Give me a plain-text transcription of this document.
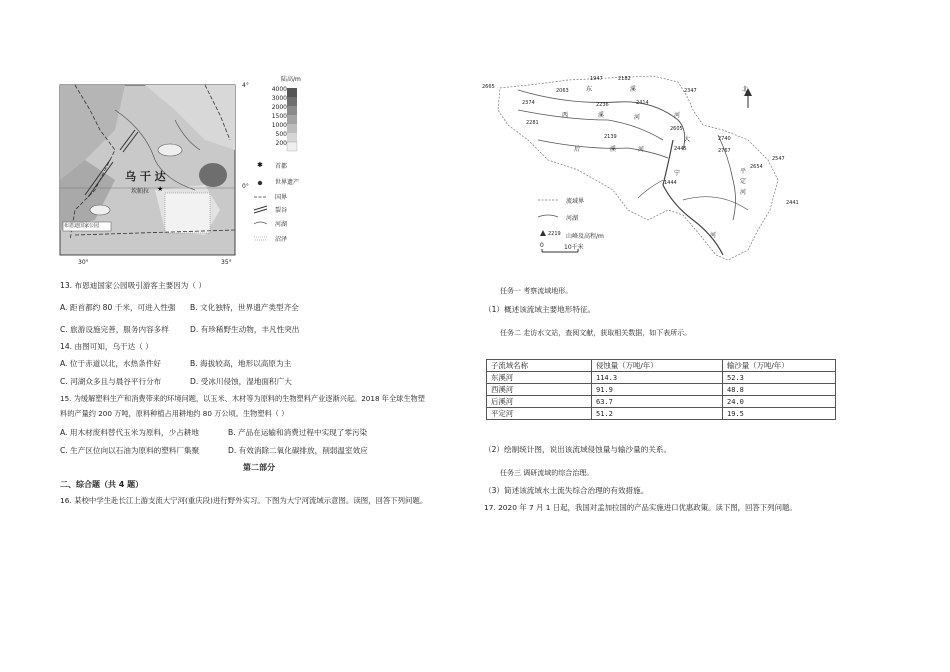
★
✱
陆高/m
4000
3000
2000
1500
1000
500
200
首都
世界遗产
国界
裂谷
河湖
沼泽
乌 干 达
坎帕拉
布恩迪国家公园
4°
0°
30°	35°
13. 布恩迪国家公园吸引游客主要因为（ ）
A. 距首都约 80 千米，可进入性强 B. 文化独特，世界遗产类型齐全
C. 旅游设施完善，服务内容多样	D. 有珍稀野生动物，丰凡性突出
14. 由图可知，乌干达（ ）
A. 位于赤道以北，水热条件好	B. 海拔较高，地形以高原为主
C. 河湖众多且与晨谷平行分布	D. 受冰川侵蚀，湿地面积广大
15. 为缓解塑料生产和消费带来的环境问题，以玉米、木材等为原料的生物塑料产业逐渐兴起。2018 年全球生物塑
料的产量约 200 万吨，原料种植占用耕地约 80 万公顷。生物塑料（ ）
A. 用木材废料替代玉米为原料，少占耕地	B. 产品在运输和消费过程中实现了零污染
C. 生产区位向以石油为原料的塑料厂集聚	D. 有效消除二氧化碳排放，削弱温室效应
第二部分
二、综合题（共 4 题）
16. 某校中学生赴长江上游支流大宁河(重庆段)进行野外实习。下图为大宁河流域示意图。读图，回答下列问题。
北
流域界
河湖
2219 山峰及高程/m
0	10千米
东	溪
河
西	溪	河
后	溪	河
平
定
河
大
宁
河
2665
1947	2182
2063	2347
2374	2236	2414
2281
2605
2139
2445
2740
2767
2547
2654
1444
2441
任务一 考察流域地形。
（1）概述该流域主要地形特征。
任务二 走访水文站，查阅文献，获取相关数据，如下表所示。
子流域名称	侵蚀量（万吨/年）	输沙量（万吨/年）
东溪河	114.3	52.3
西溪河	91.9	48.8
后溪河	63.7	24.0
平定河	51.2	19.5
（2）绘制统计图，说出该流域侵蚀量与输沙量的关系。
任务三 调研流域的综合治理。
（3）简述该流域水土流失综合治理的有效措施。
17. 2020 年 7 月 1 日起，我国对孟加拉国的产品实施进口优惠政策。读下图，回答下列问题。
